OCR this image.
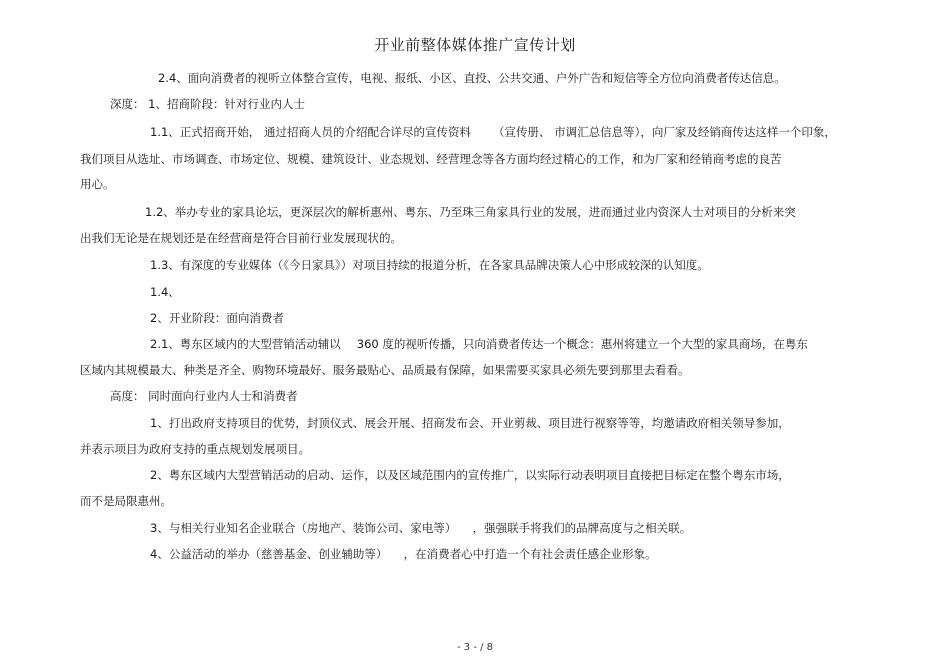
开业前整体媒体推广宣传计划
2.4、面向消费者的视听立体整合宣传，电视、报纸、小区、直投、公共交通、户外广告和短信等全方位向消费者传达信息。
深度： 1、招商阶段：针对行业内人士
1.1、正式招商开始， 通过招商人员的介绍配合详尽的宣传资料 （宣传册、 市调汇总信息等），向厂家及经销商传达这样一个印象，
我们项目从选址、市场调查、市场定位、规模、建筑设计、业态规划、经营理念等各方面均经过精心的工作，和为厂家和经销商考虑的良苦
用心。
1.2、举办专业的家具论坛，更深层次的解析惠州、粤东、乃至珠三角家具行业的发展，进而通过业内资深人士对项目的分析来突
出我们无论是在规划还是在经营商是符合目前行业发展现状的。
1.3、有深度的专业媒体（《今日家具》）对项目持续的报道分析，在各家具品牌决策人心中形成较深的认知度。
1.4、
2、开业阶段：面向消费者
2.1、粤东区域内的大型营销活动辅以 360 度的视听传播，只向消费者传达一个概念：惠州将建立一个大型的家具商场，在粤东
区域内其规模最大、种类是齐全、购物环境最好、服务最贴心、品质最有保障，如果需要买家具必须先要到那里去看看。
高度： 同时面向行业内人士和消费者
1、打出政府支持项目的优势，封顶仪式、展会开展、招商发布会、开业剪裁、项目进行视察等等，均邀请政府相关领导参加，
并表示项目为政府支持的重点规划发展项目。
2、粤东区域内大型营销活动的启动、运作，以及区域范围内的宣传推广，以实际行动表明项目直接把目标定在整个粤东市场，
而不是局限惠州。
3、与相关行业知名企业联合（房地产、装饰公司、家电等） ，强强联手将我们的品牌高度与之相关联。
4、公益活动的举办（慈善基金、创业辅助等） ，在消费者心中打造一个有社会责任感企业形象。
- 3 - / 8
